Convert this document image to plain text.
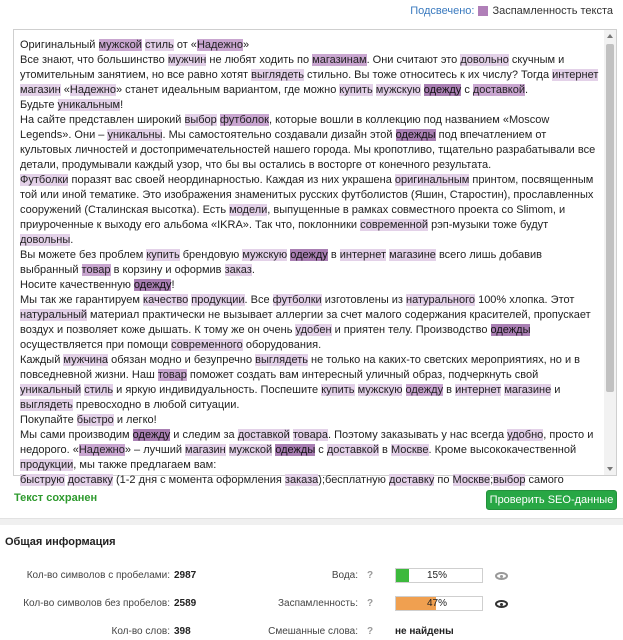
Подсвечено: Заспамленность текста

Оригинальный мужской стиль от «Надежно»

Все знают, что большинство мужчин не любят ходить по магазинам. Они считают это довольно скучным и утомительным занятием, но все равно хотят выглядеть стильно. Вы тоже относитесь к их числу? Тогда интернет магазин «Надежно» станет идеальным вариантом, где можно купить мужскую одежду с доставкой.

Будьте уникальным!

На сайте представлен широкий выбор футболок, которые вошли в коллекцию под названием «Moscow Legends». Они – уникальны. Мы самостоятельно создавали дизайн этой одежды под впечатлением от культовых личностей и достопримечательностей нашего города. Мы кропотливо, тщательно разрабатывали все детали, продумывали каждый узор, что бы вы остались в восторге от конечного результата.

Футболки поразят вас своей неординарностью. Каждая из них украшена оригинальным принтом, посвященным той или иной тематике. Это изображения знаменитых русских футболистов (Яшин, Старостин), прославленных сооружений (Сталинская высотка). Есть модели, выпущенные в рамках совместного проекта со Slimom, и приуроченные к выходу его альбома «IKRA». Так что, поклонники современной рэп-музыки тоже будут довольны.

Вы можете без проблем купить брендовую мужскую одежду в интернет магазине всего лишь добавив выбранный товар в корзину и оформив заказ.

Носите качественную одежду!

Мы так же гарантируем качество продукции. Все футболки изготовлены из натурального 100% хлопка. Этот натуральный материал практически не вызывает аллергии за счет малого содержания красителей, пропускает воздух и позволяет коже дышать. К тому же он очень удобен и приятен телу. Производство одежды осуществляется при помощи современного оборудования.

Каждый мужчина обязан модно и безупречно выглядеть не только на каких-то светских мероприятиях, но и в повседневной жизни. Наш товар поможет создать вам интересный уличный образ, подчеркнуть свой уникальный стиль и яркую индивидуальность. Поспешите купить мужскую одежду в интернет магазине и выглядеть превосходно в любой ситуации.

Покупайте быстро и легко!

Мы сами производим одежду и следим за доставкой товара. Поэтому заказывать у нас всегда удобно, просто и недорого. «Надежно» – лучший магазин мужской одежды с доставкой в Москве. Кроме высококачественной продукции, мы также предлагаем вам:

быструю доставку (1-2 дня с момента оформления заказа);бесплатную доставку по Москве;выбор самого

Текст сохранен	Проверить SEO-данные
Общая информация
Кол-во символов с пробелами: 2987
Кол-во символов без пробелов: 2589
Кол-во слов: 398
Вода: ?	15%
Заспамленность: ?	47%
Смешанные слова: ? не найдены
